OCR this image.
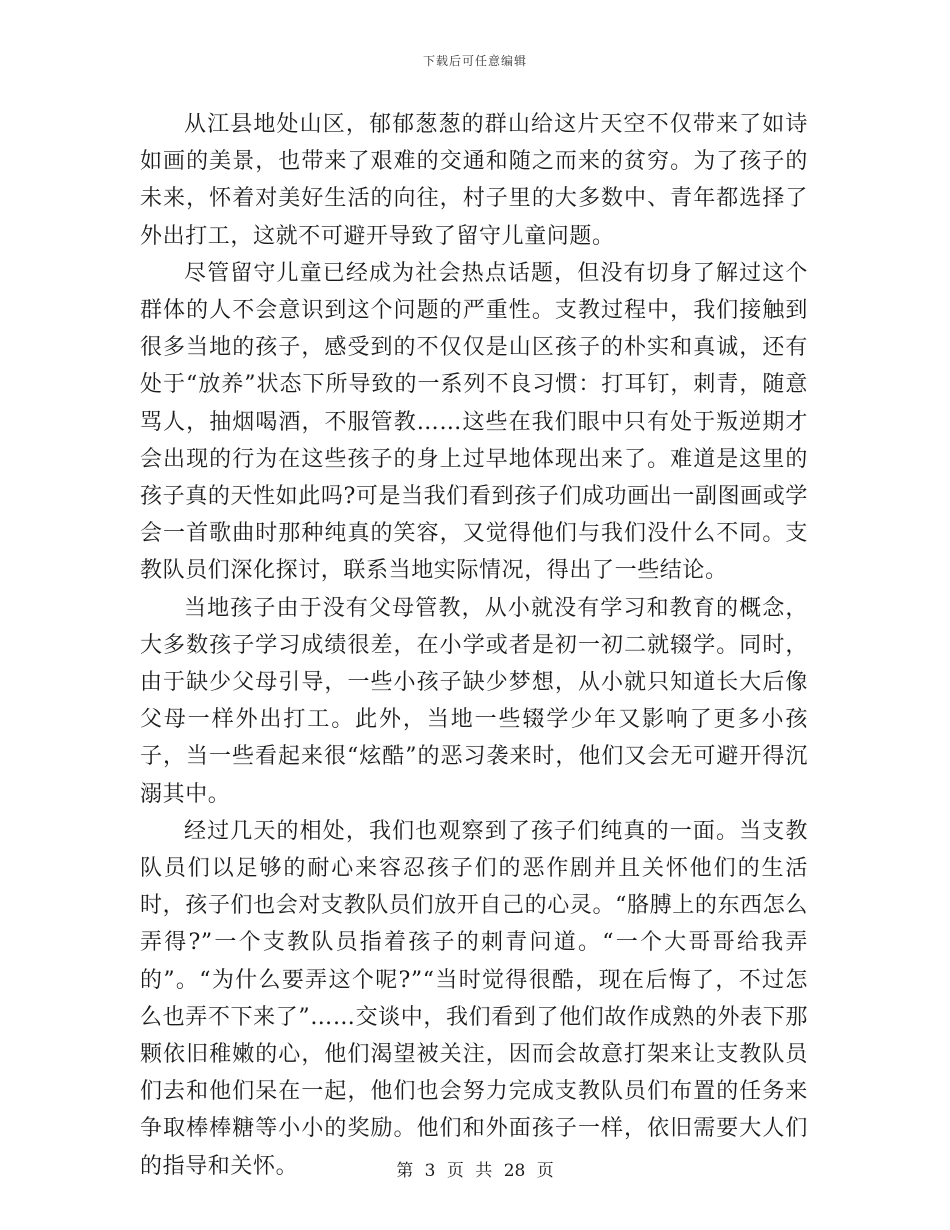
下载后可任意编辑

从江县地处山区，郁郁葱葱的群山给这片天空不仅带来了如诗如画的美景，也带来了艰难的交通和随之而来的贫穷。为了孩子的未来，怀着对美好生活的向往，村子里的大多数中、青年都选择了外出打工，这就不可避开导致了留守儿童问题。

尽管留守儿童已经成为社会热点话题，但没有切身了解过这个群体的人不会意识到这个问题的严重性。支教过程中，我们接触到很多当地的孩子，感受到的不仅仅是山区孩子的朴实和真诚，还有处于“放养”状态下所导致的一系列不良习惯：打耳钉，刺青，随意骂人，抽烟喝酒，不服管教……这些在我们眼中只有处于叛逆期才会出现的行为在这些孩子的身上过早地体现出来了。难道是这里的孩子真的天性如此吗?可是当我们看到孩子们成功画出一副图画或学会一首歌曲时那种纯真的笑容，又觉得他们与我们没什么不同。支教队员们深化探讨，联系当地实际情况，得出了一些结论。

当地孩子由于没有父母管教，从小就没有学习和教育的概念，大多数孩子学习成绩很差，在小学或者是初一初二就辍学。同时，由于缺少父母引导，一些小孩子缺少梦想，从小就只知道长大后像父母一样外出打工。此外，当地一些辍学少年又影响了更多小孩子，当一些看起来很“炫酷”的恶习袭来时，他们又会无可避开得沉溺其中。

经过几天的相处，我们也观察到了孩子们纯真的一面。当支教队员们以足够的耐心来容忍孩子们的恶作剧并且关怀他们的生活时，孩子们也会对支教队员们放开自己的心灵。“胳膊上的东西怎么弄得?”一个支教队员指着孩子的刺青问道。“一个大哥哥给我弄的”。“为什么要弄这个呢?”“当时觉得很酷，现在后悔了，不过怎么也弄不下来了”……交谈中，我们看到了他们故作成熟的外表下那颗依旧稚嫩的心，他们渴望被关注，因而会故意打架来让支教队员们去和他们呆在一起，他们也会努力完成支教队员们布置的任务来争取棒棒糖等小小的奖励。他们和外面孩子一样，依旧需要大人们的指导和关怀。	第 3 页 共 28 页
